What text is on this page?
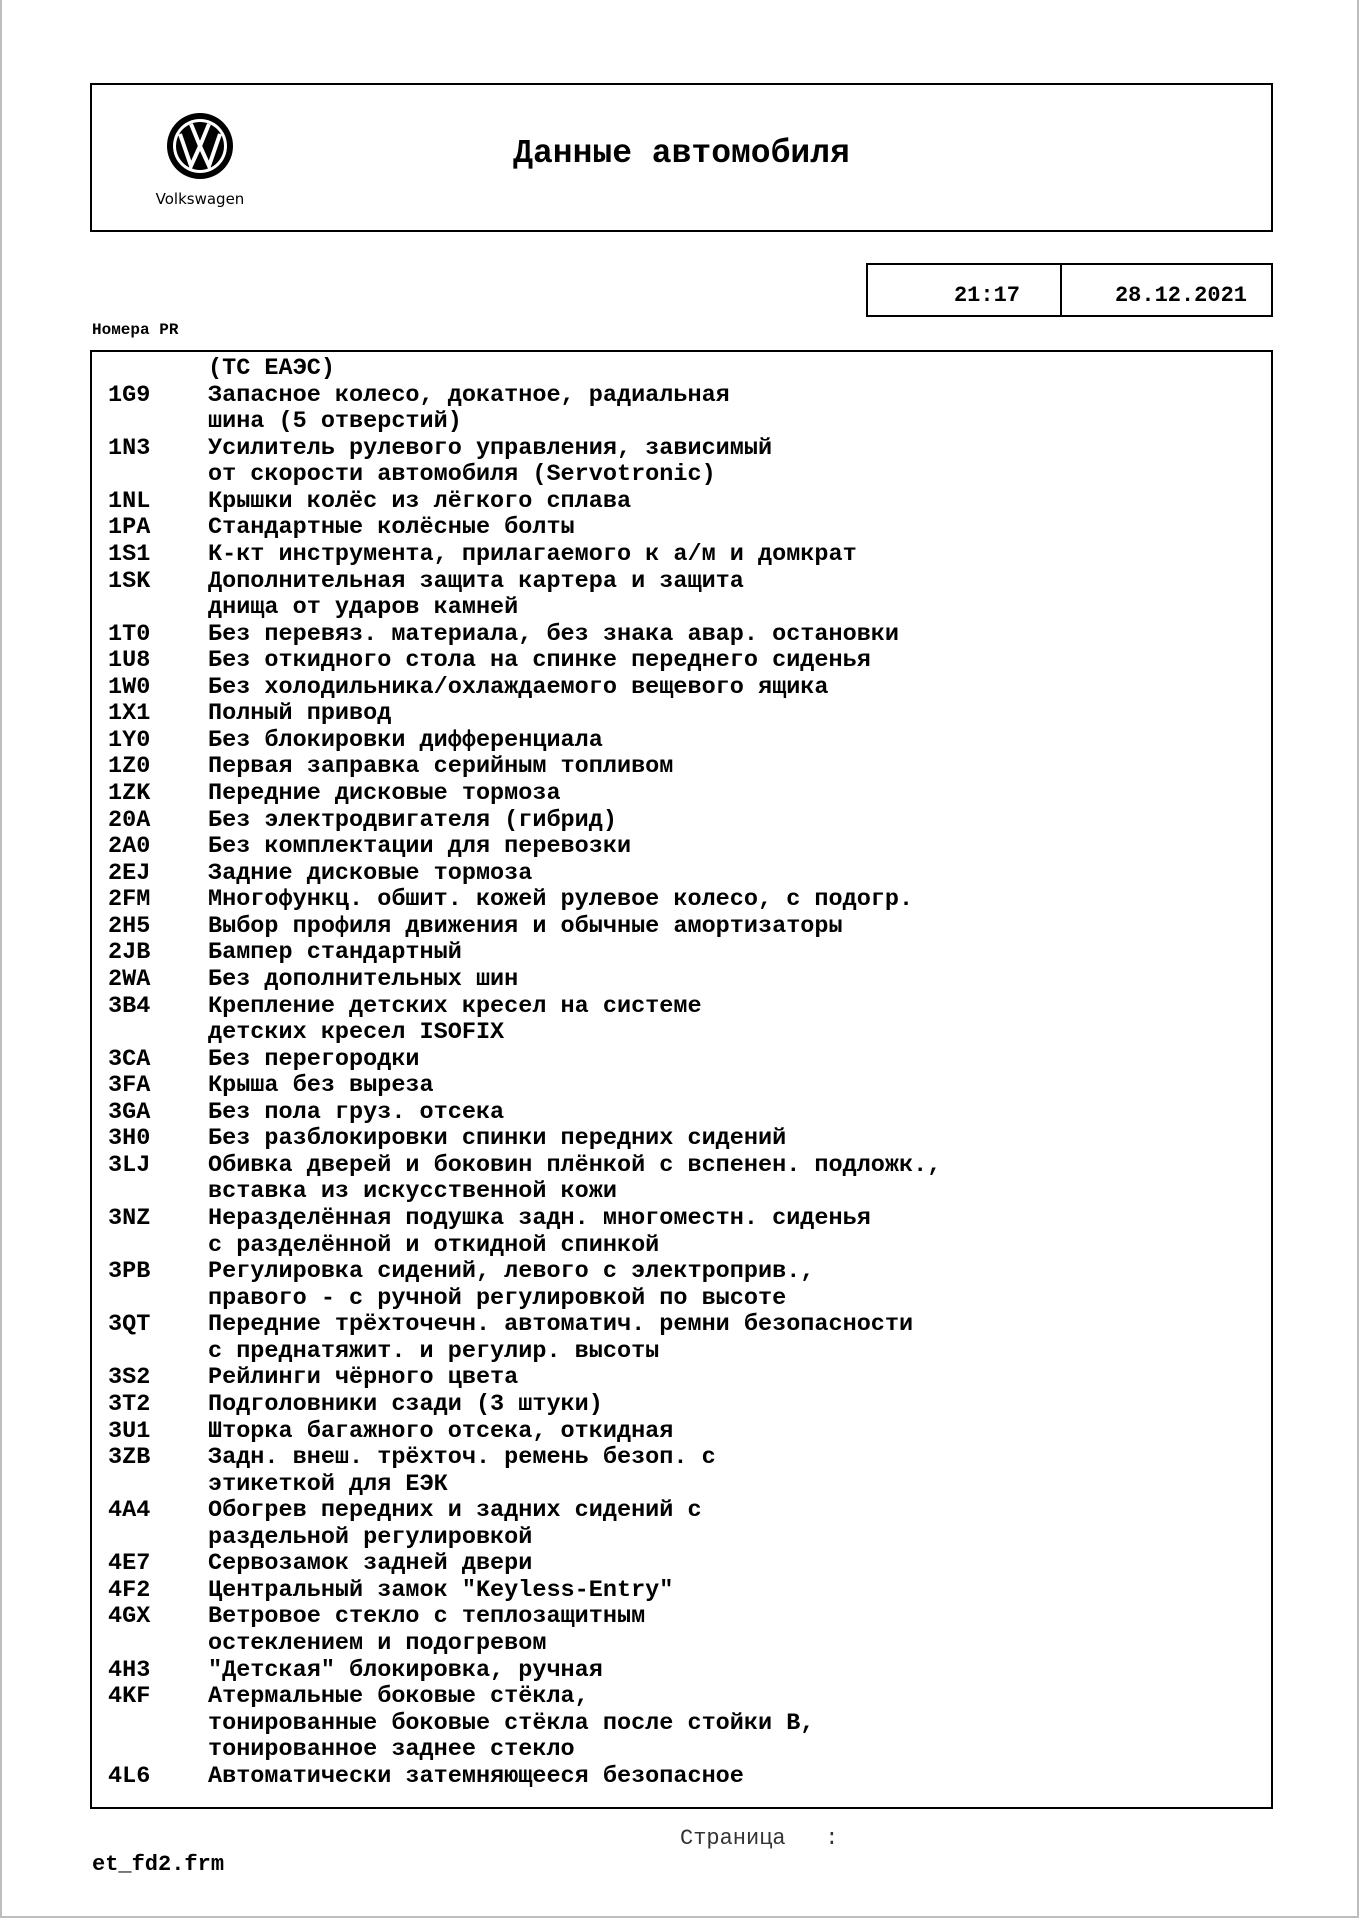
Volkswagen
Данные автомобиля
21:17	28.12.2021
Номера PR
(ТС ЕАЭС)
1G9	Запасное колесо, докатное, радиальная
шина (5 отверстий)
1N3	Усилитель рулевого управления, зависимый
от скорости автомобиля (Servotronic)
1NL	Крышки колёс из лёгкого сплава
1PA	Стандартные колёсные болты
1S1	К-кт инструмента, прилагаемого к а/м и домкрат
1SK	Дополнительная защита картера и защита
днища от ударов камней
1T0	Без перевяз. материала, без знака авар. остановки
1U8	Без откидного стола на спинке переднего сиденья
1W0	Без холодильника/охлаждаемого вещевого ящика
1X1	Полный привод
1Y0	Без блокировки дифференциала
1Z0	Первая заправка серийным топливом
1ZK	Передние дисковые тормоза
20A	Без электродвигателя (гибрид)
2A0	Без комплектации для перевозки
2EJ	Задние дисковые тормоза
2FM	Многофункц. обшит. кожей рулевое колесо, с подогр.
2H5	Выбор профиля движения и обычные амортизаторы
2JB	Бампер стандартный
2WA	Без дополнительных шин
3B4	Крепление детских кресел на системе
детских кресел ISOFIX
3CA	Без перегородки
3FA	Крыша без выреза
3GA	Без пола груз. отсека
3H0	Без разблокировки спинки передних сидений
3LJ	Обивка дверей и боковин плёнкой с вспенен. подложк.,
вставка из искусственной кожи
3NZ	Неразделённая подушка задн. многоместн. сиденья
с разделённой и откидной спинкой
3PB	Регулировка сидений, левого с электроприв.,
правого - с ручной регулировкой по высоте
3QT	Передние трёхточечн. автоматич. ремни безопасности
с преднатяжит. и регулир. высоты
3S2	Рейлинги чёрного цвета
3T2	Подголовники сзади (3 штуки)
3U1	Шторка багажного отсека, откидная
3ZB	Задн. внеш. трёхточ. ремень безоп. с
этикеткой для ЕЭК
4A4	Обогрев передних и задних сидений с
раздельной регулировкой
4E7	Сервозамок задней двери
4F2	Центральный замок "Keyless-Entry"
4GX	Ветровое стекло с теплозащитным
остеклением и подогревом
4H3	"Детская" блокировка, ручная
4KF	Атермальные боковые стёкла,
тонированные боковые стёкла после стойки В,
тонированное заднее стекло
4L6	Автоматически затемняющееся безопасное
Страница   :
et_fd2.frm
